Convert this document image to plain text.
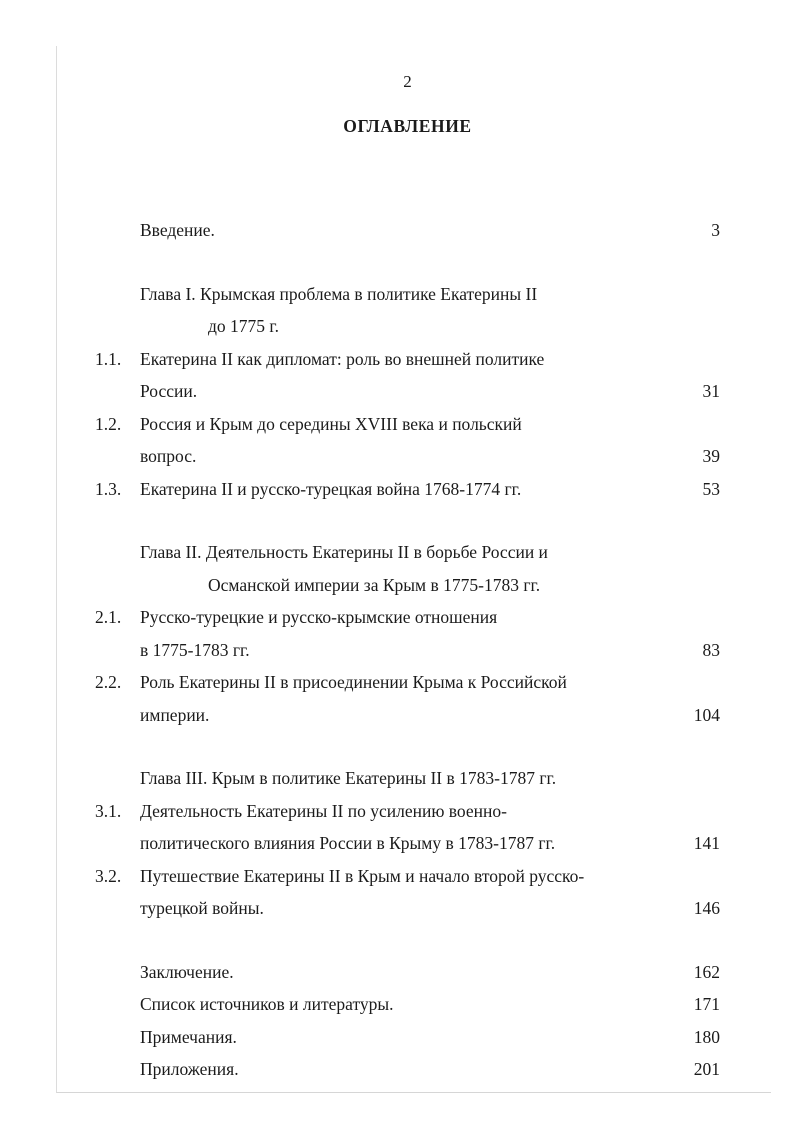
2
ОГЛАВЛЕНИЕ
Введение.	3
Глава I. Крымская проблема в политике Екатерины II
до 1775 г.
1.1.	Екатерина II как дипломат: роль во внешней политике
России.	31
1.2.	Россия и Крым до середины XVIII века и польский
вопрос.	39
1.3.	Екатерина II и русско-турецкая война 1768-1774 гг.	53
Глава II. Деятельность Екатерины II в борьбе России и
Османской империи за Крым в 1775-1783 гг.
2.1.	Русско-турецкие и русско-крымские отношения
в 1775-1783 гг.	83
2.2.	Роль Екатерины II в присоединении Крыма к Российской
империи.	104
Глава III. Крым в политике Екатерины II в 1783-1787 гг.
3.1.	Деятельность Екатерины II по усилению военно-
политического влияния России в Крыму в 1783-1787 гг.	141
3.2.	Путешествие Екатерины II в Крым и начало второй русско-
турецкой войны.	146
Заключение.	162
Список источников и литературы.	171
Примечания.	180
Приложения.	201
